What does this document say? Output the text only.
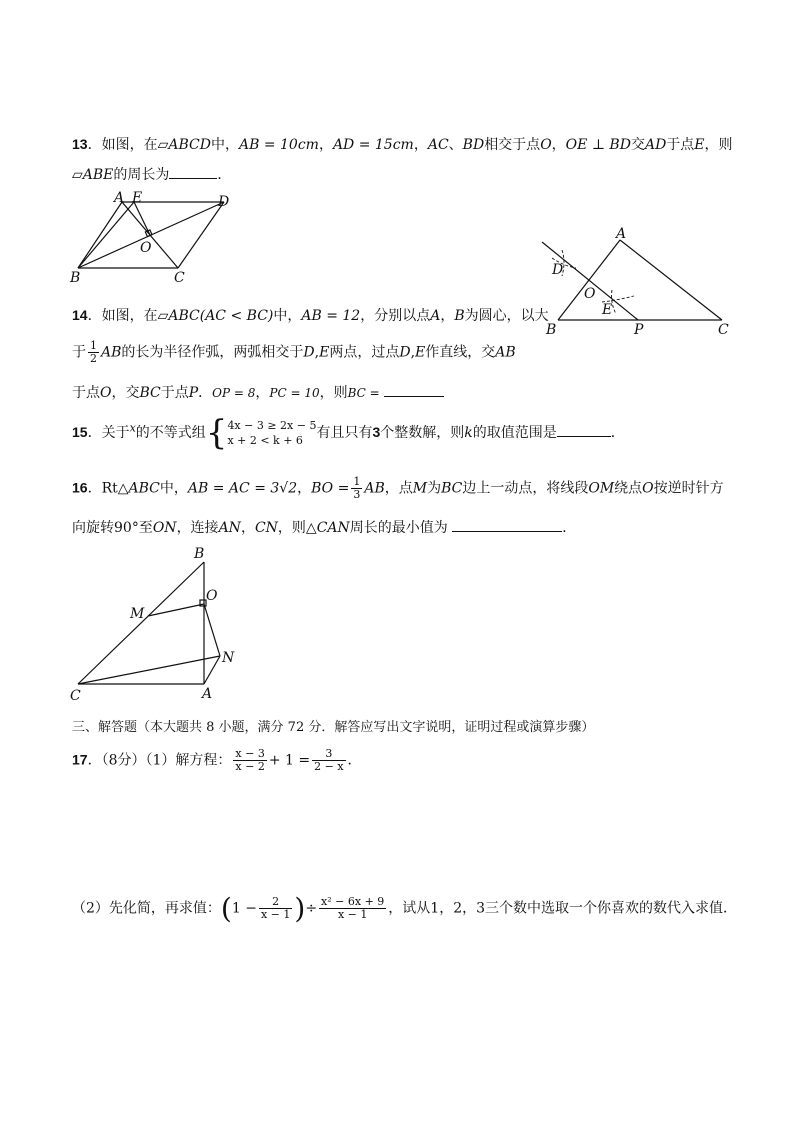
13．如图，在▱ABCD中，AB = 10cm，AD = 15cm，AC、BD相交于点O，OE ⊥ BD交AD于点E，则
▱ABE的周长为	．
A E	D
O
B	C
A
D
O
E
B	P	C
14．如图，在▱ABC(AC < BC)中，AB = 12，分别以点A，B为圆心，以大
于 $\frac{1}{2}$ AB的长为半径作弧，两弧相交于D,E两点，过点D,E作直线，交AB
于点O，交BC于点P．OP = 8，PC = 10，则BC =
15．关于$^x$的不等式组{ 4x − 3 ≥ 2x − 5
x + 2 < k + 6 有且只有3个整数解，则k的取值范围是	．
16．Rt△ABC中，AB = AC = 3√2，BO = $\frac{1}{3}$ AB，点M为BC边上一动点，将线段OM绕点O按逆时针方
向旋转90°至ON，连接AN，CN，则△CAN周长的最小值为	．
B
O
M
N
C	A
三、解答题（本大题共 8 小题，满分 72 分．解答应写出文字说明，证明过程或演算步骤）
17．（8分）（1）解方程： $\frac{x - 3}{x - 2} + 1 = \frac{3}{2 - x}$ ．
（2）先化简，再求值：($1 - \frac{2}{x - 1}$ )÷ $\frac{\text{x² − 6x + 9}}{x - 1}$ ，试从1，2，3三个数中选取一个你喜欢的数代入求值．
